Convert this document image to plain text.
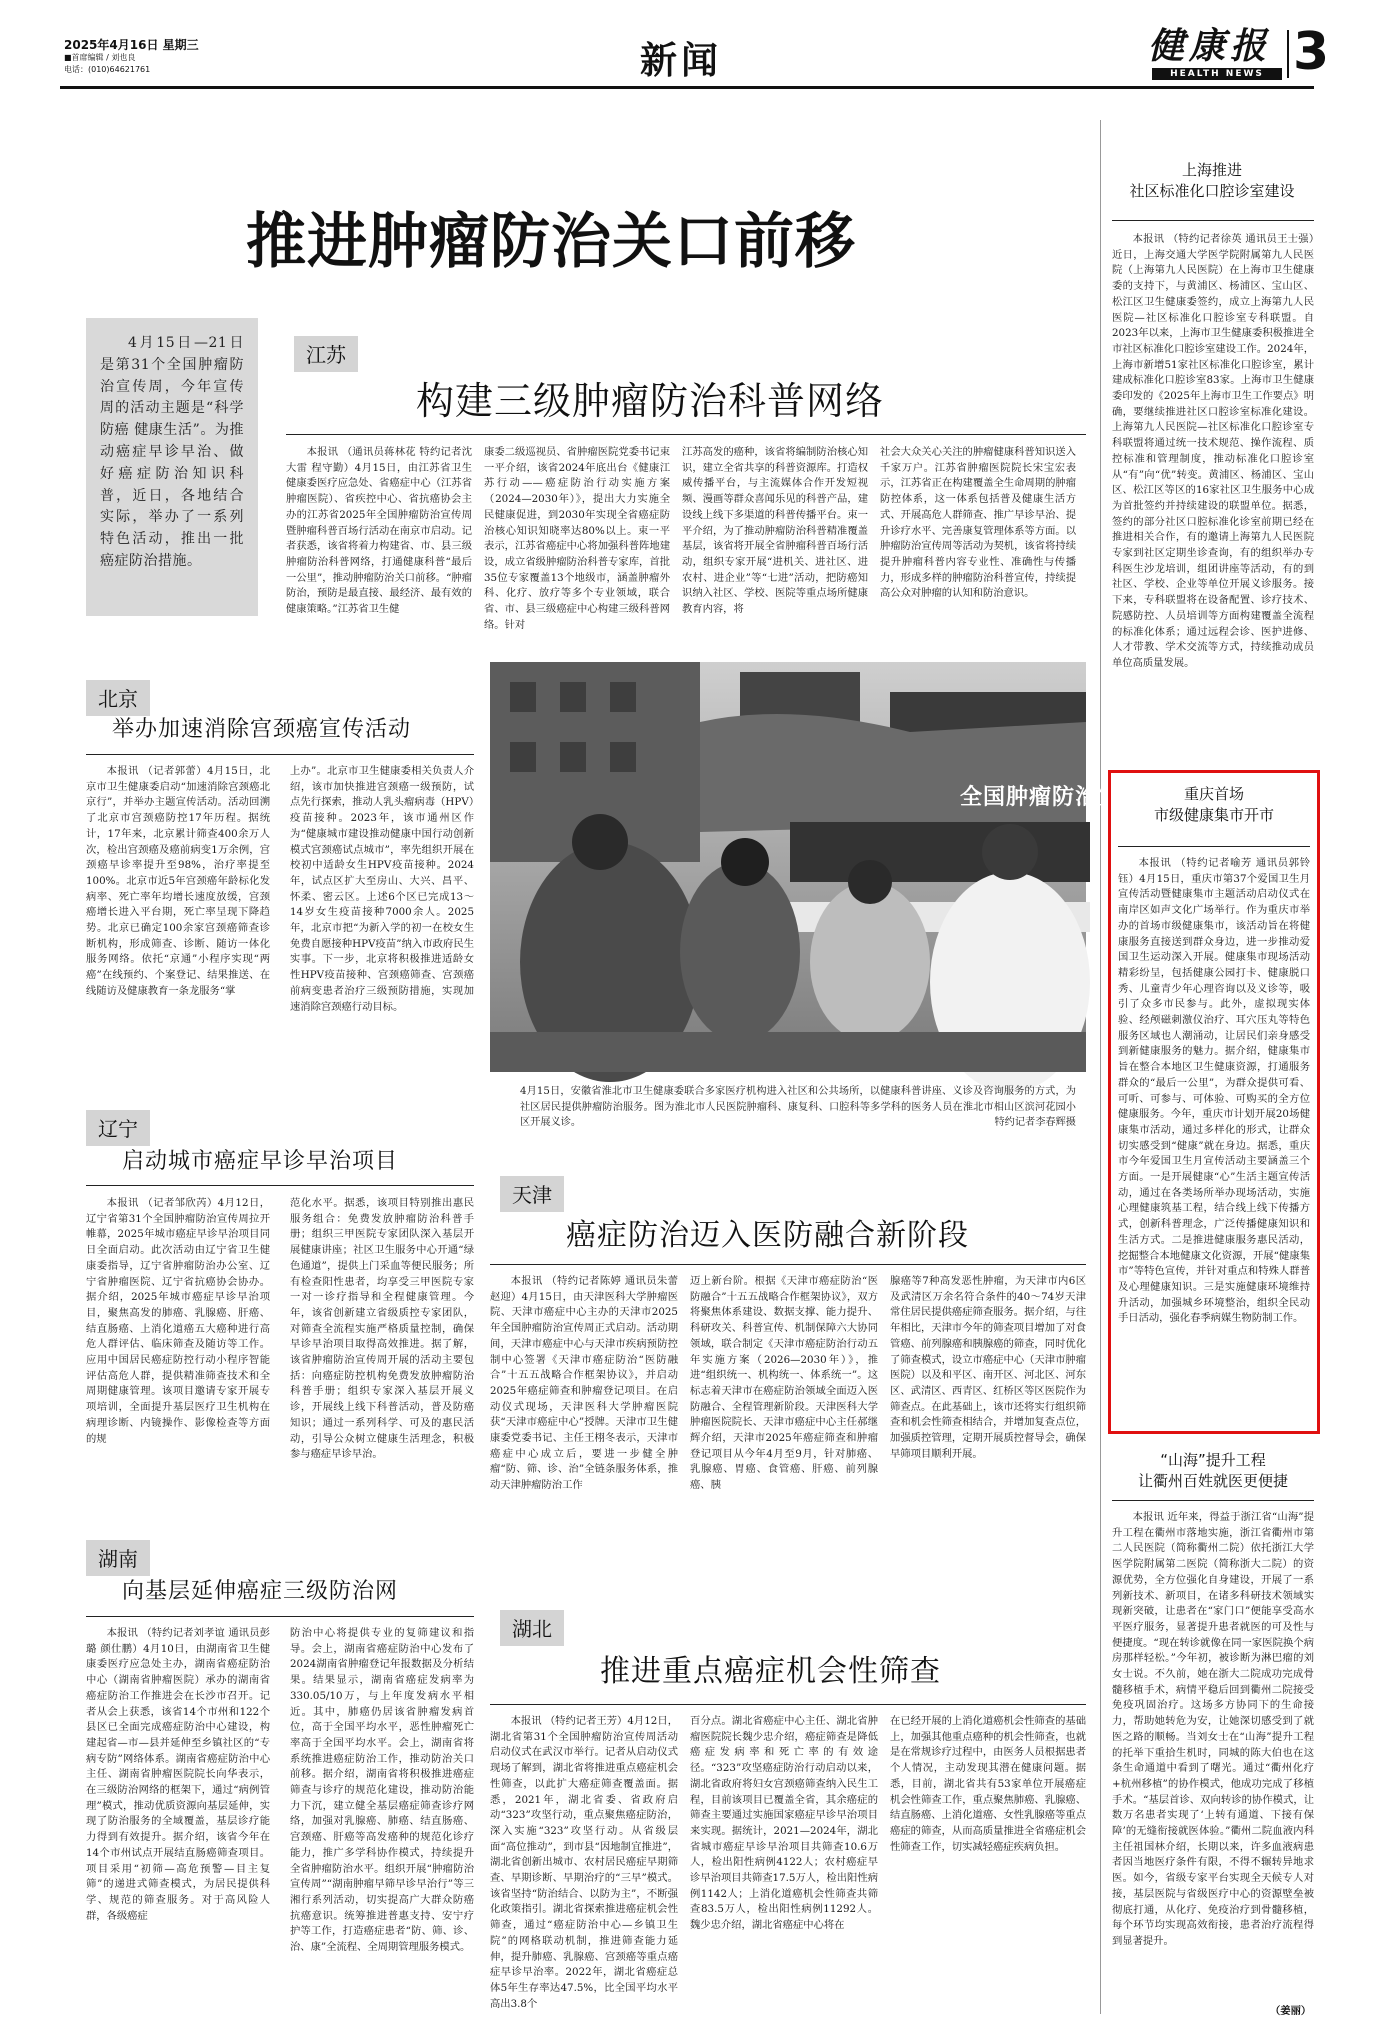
2025年4月16日 星期三
■首席编辑 / 刘也良
电话：(010)64621761	新闻	健康报
HEALTH NEWS 3
推进肿瘤防治关口前移
4月15日—21日是第31个全国肿瘤防治宣传周，今年宣传周的活动主题是“科学防癌 健康生活”。为推动癌症早诊早治、做好癌症防治知识科普，近日，各地结合实际，举办了一系列特色活动，推出一批癌症防治措施。
江苏
构建三级肿瘤防治科普网络
本报讯 （通讯员蒋林花 特约记者沈大雷 程守勤）4月15日，由江苏省卫生健康委医疗应急处、省癌症中心（江苏省肿瘤医院）、省疾控中心、省抗癌协会主办的江苏省2025年全国肿瘤防治宣传周暨肿瘤科普百场行活动在南京市启动。记者获悉，该省将着力构建省、市、县三级肿瘤防治科普网络，打通健康科普“最后一公里”，推动肿瘤防治关口前移。“肿瘤防治，预防是最直接、最经济、最有效的健康策略。”江苏省卫生健
康委二级巡视员、省肿瘤医院党委书记束一平介绍，该省2024年底出台《健康江苏行动——癌症防治行动实施方案（2024—2030年）》，提出大力实施全民健康促进，到2030年实现全省癌症防治核心知识知晓率达80%以上。束一平表示，江苏省癌症中心将加强科普阵地建设，成立省级肿瘤防治科普专家库，首批35位专家覆盖13个地级市，涵盖肿瘤外科、化疗、放疗等多个专业领域，联合省、市、县三级癌症中心构建三级科普网络。针对
江苏高发的癌种，该省将编制防治核心知识，建立全省共享的科普资源库。打造权威传播平台，与主流媒体合作开发短视频、漫画等群众喜闻乐见的科普产品，建设线上线下多渠道的科普传播平台。束一平介绍，为了推动肿瘤防治科普精准覆盖基层，该省将开展全省肿瘤科普百场行活动，组织专家开展“进机关、进社区、进农村、进企业”等“七进”活动，把防癌知识纳入社区、学校、医院等重点场所健康教育内容，将
社会大众关心关注的肿瘤健康科普知识送入千家万户。江苏省肿瘤医院院长宋宝宏表示，江苏省正在构建覆盖全生命周期的肿瘤防控体系，这一体系包括普及健康生活方式、开展高危人群筛查、推广早诊早治、提升诊疗水平、完善康复管理体系等方面。以肿瘤防治宣传周等活动为契机，该省将持续提升肿瘤科普内容专业性、准确性与传播力，形成多样的肿瘤防治科普宣传，持续提高公众对肿瘤的认知和防治意识。
全国肿瘤防治宣
4月15日，安徽省淮北市卫生健康委联合多家医疗机构进入社区和公共场所，以健康科普讲座、义诊及咨询服务的方式，为社区居民提供肿瘤防治服务。图为淮北市人民医院肿瘤科、康复科、口腔科等多学科的医务人员在淮北市相山区滨河花园小区开展义诊。	特约记者李春辉摄
北京
举办加速消除宫颈癌宣传活动
本报讯 （记者郭蕾）4月15日，北京市卫生健康委启动“加速消除宫颈癌北京行”，并举办主题宣传活动。活动回溯了北京市宫颈癌防控17年历程。据统计，17年来，北京累计筛查400余万人次，检出宫颈癌及癌前病变1万余例，宫颈癌早诊率提升至98%，治疗率提至100%。北京市近5年宫颈癌年龄标化发病率、死亡率年均增长速度放缓，宫颈癌增长进入平台期，死亡率呈现下降趋势。北京已确定100余家宫颈癌筛查诊断机构，形成筛查、诊断、随访一体化服务网络。依托“京通”小程序实现“两癌”在线预约、个案登记、结果推送、在线随访及健康教育一条龙服务“掌
上办”。北京市卫生健康委相关负责人介绍，该市加快推进宫颈癌一级预防，试点先行探索，推动人乳头瘤病毒（HPV）疫苗接种。2023年，该市通州区作为“健康城市建设推动健康中国行动创新模式宫颈癌试点城市”，率先组织开展在校初中适龄女生HPV疫苗接种。2024年，试点区扩大至房山、大兴、昌平、怀柔、密云区。上述6个区已完成13～14岁女生疫苗接种7000余人。2025年，北京市把“为新入学的初一在校女生免费自愿接种HPV疫苗”纳入市政府民生实事。下一步，北京将积极推进适龄女性HPV疫苗接种、宫颈癌筛查、宫颈癌前病变患者治疗三级预防措施，实现加速消除宫颈癌行动目标。
辽宁
启动城市癌症早诊早治项目
本报讯 （记者邹欣芮）4月12日，辽宁省第31个全国肿瘤防治宣传周拉开帷幕，2025年城市癌症早诊早治项目同日全面启动。此次活动由辽宁省卫生健康委指导，辽宁省肿瘤防治办公室、辽宁省肿瘤医院、辽宁省抗癌协会协办。据介绍，2025年城市癌症早诊早治项目，聚焦高发的肺癌、乳腺癌、肝癌、结直肠癌、上消化道癌五大癌种进行高危人群评估、临床筛查及随访等工作。应用中国居民癌症防控行动小程序智能评估高危人群，提供精准筛查技术和全周期健康管理。该项目邀请专家开展专项培训，全面提升基层医疗卫生机构在病理诊断、内镜操作、影像检查等方面的规
范化水平。据悉，该项目特别推出惠民服务组合：免费发放肿瘤防治科普手册；组织三甲医院专家团队深入基层开展健康讲座；社区卫生服务中心开通“绿色通道”，提供上门采血等便民服务；所有检查阳性患者，均享受三甲医院专家一对一诊疗指导和全程健康管理。今年，该省创新建立省级质控专家团队，对筛查全流程实施严格质量控制，确保早诊早治项目取得高效推进。据了解，该省肿瘤防治宣传周开展的活动主要包括：向癌症防控机构免费发放肿瘤防治科普手册；组织专家深入基层开展义诊，开展线上线下科普活动，普及防癌知识；通过一系列科学、可及的惠民活动，引导公众树立健康生活理念，积极参与癌症早诊早治。
湖南
向基层延伸癌症三级防治网
本报讯 （特约记者刘孝谊 通讯员彭璐 颜仕鹏）4月10日，由湖南省卫生健康委医疗应急处主办，湖南省癌症防治中心（湖南省肿瘤医院）承办的湖南省癌症防治工作推进会在长沙市召开。记者从会上获悉，该省14个市州和122个县区已全面完成癌症防治中心建设，构建起省—市—县并延伸至乡镇社区的“专病专防”网络体系。湖南省癌症防治中心主任、湖南省肿瘤医院院长向华表示，在三级防治网络的框架下，通过“病例管理”模式，推动优质资源向基层延伸，实现了防治服务的全域覆盖，基层诊疗能力得到有效提升。据介绍，该省今年在14个市州试点开展结直肠癌筛查项目。项目采用“初筛—高危预警—目主复筛”的递进式筛查模式，为居民提供科学、规范的筛查服务。对于高风险人群，各级癌症
防治中心将提供专业的复筛建议和指导。会上，湖南省癌症防治中心发布了2024湖南省肿瘤登记年报数据及分析结果。结果显示，湖南省癌症发病率为330.05/10万，与上年度发病水平相近。其中，肺癌仍居该省肿瘤发病首位，高于全国平均水平，恶性肿瘤死亡率高于全国平均水平。会上，湖南省将系统推进癌症防治工作，推动防治关口前移。据介绍，湖南省将积极推进癌症筛查与诊疗的规范化建设，推动防治能力下沉，建立健全基层癌症筛查诊疗网络，加强对乳腺癌、肺癌、结直肠癌、宫颈癌、肝癌等高发癌种的规范化诊疗能力，推广多学科协作模式，持续提升全省肿瘤防治水平。组织开展“肿瘤防治宣传周”“湖南肿瘤早筛早诊早治行”等三湘行系列活动，切实提高广大群众防癌抗癌意识。统筹推进普惠支持、安宁疗护等工作，打造癌症患者“防、筛、诊、治、康”全流程、全周期管理服务模式。
天津
癌症防治迈入医防融合新阶段
本报讯 （特约记者陈婷 通讯员朱蕾 赵迎）4月15日，由天津医科大学肿瘤医院、天津市癌症中心主办的天津市2025年全国肿瘤防治宣传周正式启动。活动期间，天津市癌症中心与天津市疾病预防控制中心签署《天津市癌症防治“医防融合”十五五战略合作框架协议》，并启动2025年癌症筛查和肿瘤登记项目。在启动仪式现场，天津医科大学肿瘤医院获“天津市癌症中心”授牌。天津市卫生健康委党委书记、主任王栩冬表示，天津市癌症中心成立后，要进一步健全肿瘤“防、筛、诊、治”全链条服务体系，推动天津肿瘤防治工作
迈上新台阶。根据《天津市癌症防治“医防融合”十五五战略合作框架协议》，双方将聚焦体系建设、数据支撑、能力提升、科研攻关、科普宣传、机制保障六大协同领域，联合制定《天津市癌症防治行动五年实施方案（2026—2030年）》，推进“组织统一、机构统一、体系统一”。这标志着天津市在癌症防治领域全面迈入医防融合、全程管理新阶段。天津医科大学肿瘤医院院长、天津市癌症中心主任郝继辉介绍，天津市2025年癌症筛查和肿瘤登记项目从今年4月至9月，针对肺癌、乳腺癌、胃癌、食管癌、肝癌、前列腺癌、胰
腺癌等7种高发恶性肿瘤，为天津市内6区及武清区万余名符合条件的40～74岁天津常住居民提供癌症筛查服务。据介绍，与往年相比，天津市今年的筛查项目增加了对食管癌、前列腺癌和胰腺癌的筛查，同时优化了筛查模式，设立市癌症中心（天津市肿瘤医院）以及和平区、南开区、河北区、河东区、武清区、西青区、红桥区等区医院作为筛查点。在此基础上，该市还将实行组织筛查和机会性筛查相结合，并增加复查点位，加强质控管理，定期开展质控督导会，确保早筛项目顺利开展。
湖北
推进重点癌症机会性筛查
本报讯 （特约记者王芳）4月12日，湖北省第31个全国肿瘤防治宣传周活动启动仪式在武汉市举行。记者从启动仪式现场了解到，湖北省将推进重点癌症机会性筛查，以此扩大癌症筛查覆盖面。据悉，2021年，湖北省委、省政府启动“323”攻坚行动，重点聚焦癌症防治，深入实施“323”攻坚行动。从省级层面“高位推动”，到市县“因地制宜推进”，湖北省创新出城市、农村居民癌症早期筛查、早期诊断、早期治疗的“三早”模式。该省坚持“防治结合、以防为主”，不断强化政策指引。湖北省探索推进癌症机会性筛查，通过“癌症防治中心—乡镇卫生院”的网格联动机制，推进筛查能力延伸，提升肺癌、乳腺癌、宫颈癌等重点癌症早诊早治率。2022年，湖北省癌症总体5年生存率达47.5%，比全国平均水平高出3.8个
百分点。湖北省癌症中心主任、湖北省肿瘤医院院长魏少忠介绍，癌症筛查是降低癌症发病率和死亡率的有效途径。“323”攻坚癌症防治行动启动以来，湖北省政府将妇女宫颈癌筛查纳入民生工程，目前该项目已覆盖全省，其余癌症的筛查主要通过实施国家癌症早诊早治项目来实现。据统计，2021—2024年，湖北省城市癌症早诊早治项目共筛查10.6万人，检出阳性病例4122人；农村癌症早诊早治项目共筛查17.5万人，检出阳性病例1142人；上消化道癌机会性筛查共筛查83.5万人，检出阳性病例11292人。魏少忠介绍，湖北省癌症中心将在
在已经开展的上消化道癌机会性筛查的基础上，加强其他重点癌种的机会性筛查，也就是在常规诊疗过程中，由医务人员根据患者个人情况，主动发现其潜在健康问题。据悉，目前，湖北省共有53家单位开展癌症机会性筛查工作，重点聚焦肺癌、乳腺癌、结直肠癌、上消化道癌、女性乳腺癌等重点癌症的筛查，从而高质量推进全省癌症机会性筛查工作，切实减轻癌症疾病负担。
上海推进
社区标准化口腔诊室建设
本报讯 （特约记者徐英 通讯员王士强）近日，上海交通大学医学院附属第九人民医院（上海第九人民医院）在上海市卫生健康委的支持下，与黄浦区、杨浦区、宝山区、松江区卫生健康委签约，成立上海第九人民医院—社区标准化口腔诊室专科联盟。自2023年以来，上海市卫生健康委积极推进全市社区标准化口腔诊室建设工作。2024年，上海市新增51家社区标准化口腔诊室，累计建成标准化口腔诊室83家。上海市卫生健康委印发的《2025年上海市卫生工作要点》明确，要继续推进社区口腔诊室标准化建设。上海第九人民医院—社区标准化口腔诊室专科联盟将通过统一技术规范、操作流程、质控标准和管理制度，推动标准化口腔诊室从“有”向“优”转变。黄浦区、杨浦区、宝山区、松江区等区的16家社区卫生服务中心成为首批签约并持续建设的联盟单位。据悉，签约的部分社区口腔标准化诊室前期已经在推进相关合作，有的邀请上海第九人民医院专家到社区定期坐诊查询，有的组织举办专科医生沙龙培训，组团讲座等活动，有的到社区、学校、企业等单位开展义诊服务。接下来，专科联盟将在设备配置、诊疗技术、院感防控、人员培训等方面构建覆盖全流程的标准化体系；通过远程会诊、医护进修、人才带教、学术交流等方式，持续推动成员单位高质量发展。
重庆首场
市级健康集市开市
本报讯 （特约记者喻芳 通讯员郭铃钰）4月15日，重庆市第37个爱国卫生月宣传活动暨健康集市主题活动启动仪式在南岸区如声文化广场举行。作为重庆市举办的首场市级健康集市，该活动旨在将健康服务直接送到群众身边，进一步推动爱国卫生运动深入开展。健康集市现场活动精彩纷呈，包括健康公园打卡、健康脱口秀、儿童青少年心理咨询以及义诊等，吸引了众多市民参与。此外，虚拟现实体验、经颅磁刺激仪治疗、耳穴压丸等特色服务区域也人潮涌动，让居民们亲身感受到新健康服务的魅力。据介绍，健康集市旨在整合本地区卫生健康资源，打通服务群众的“最后一公里”，为群众提供可看、可听、可参与、可体验、可购买的全方位健康服务。今年，重庆市计划开展20场健康集市活动，通过多样化的形式，让群众切实感受到“健康”就在身边。据悉，重庆市今年爱国卫生月宣传活动主要涵盖三个方面。一是开展健康“心”生活主题宣传活动，通过在各类场所举办现场活动，实施心理健康筑基工程，结合线上线下传播方式，创新科普理念，广泛传播健康知识和生活方式。二是推进健康服务惠民活动，挖掘整合本地健康文化资源，开展“健康集市”等特色宣传，并针对重点和特殊人群普及心理健康知识。三是实施健康环境维持升活动，加强城乡环境整治，组织全民动手日活动，强化春季病媒生物防制工作。
“山海”提升工程
让衢州百姓就医更便捷
本报讯 近年来，得益于浙江省“山海”提升工程在衢州市落地实施，浙江省衢州市第二人民医院（简称衢州二院）依托浙江大学医学院附属第二医院（简称浙大二院）的资源优势，全方位强化自身建设，开展了一系列新技术、新项目，在诸多科研技术领域实现新突破，让患者在“家门口”便能享受高水平医疗服务，显著提升患者就医的可及性与便捷度。“现在转诊就像在同一家医院换个病房那样轻松。”今年初，被诊断为淋巴瘤的刘女士说。不久前，她在浙大二院成功完成骨髓移植手术，病情平稳后回到衢州二院接受免疫巩固治疗。这场多方协同下的生命接力，帮助她转危为安，让她深切感受到了就医之路的顺畅。当刘女士在“山海”提升工程的托举下重拾生机时，同城的陈大伯也在这条生命通道中看到了曙光。通过“衢州化疗+杭州移植”的协作模式，他成功完成了移植手术。“基层首诊、双向转诊的协作模式，让数万名患者实现了‘上转有通道、下接有保障’的无缝衔接就医体验。”衢州二院血液内科主任祖国林介绍，长期以来，许多血液病患者因当地医疗条件有限，不得不辗转异地求医。如今，省级专家平台实现全天候专人对接，基层医院与省级医疗中心的资源壁垒被彻底打通，从化疗、免疫治疗到骨髓移植，每个环节均实现高效衔接，患者治疗流程得到显著提升。
（姜丽）
